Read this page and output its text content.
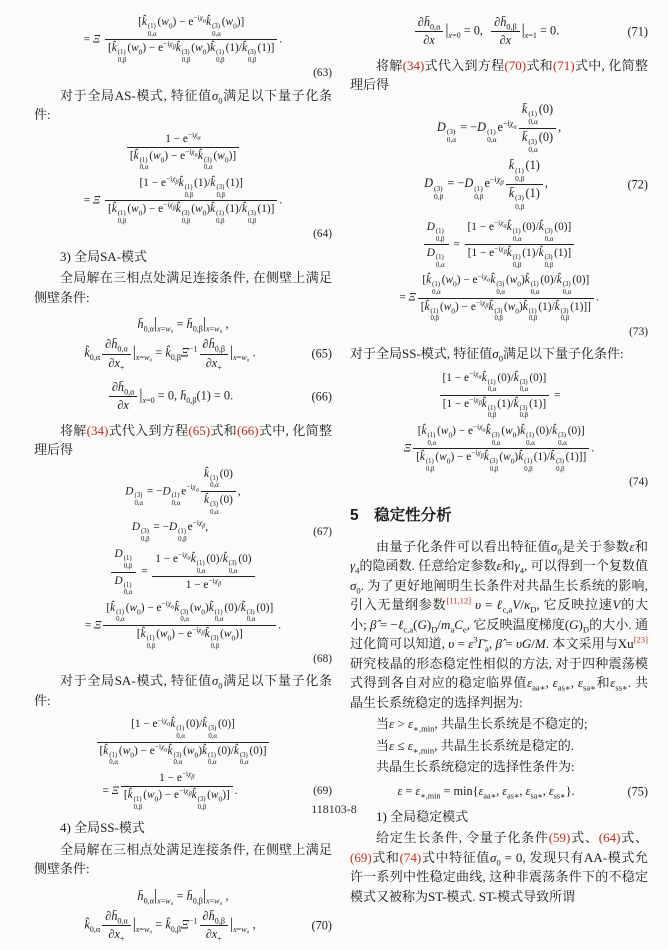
= Ξ
[k̂ (1)
0,α
$(w_0)$ − $e^{-i\chi_\alpha}k̂$ (3)
0,α
$(w_0)$]
[k̂ (1)
0,β
$(w_0)$ − $e^{-i\chi_\beta}k̂$ (3)
0,β
$(w_0)k̂$ (1)
0,β
(1)/k̂ (3)
0,β
(1)]
.
(63)
对于全局AS-模式, 特征值$\sigma_0$满足以下量子化条件:
$1 - e^{-i\chi_\alpha}$
[k̂ (1)
0,α
$(w_0)$ − $e^{-i\chi_\alpha}k̂$ (3)
0,α
$(w_0)$]
= Ξ
[$1 - e^{-i\chi_\beta}k̂$ (1)
0,β
(1)/k̂ (3)
0,β
(1)]
[k̂ (1)
0,β
$(w_0)$ − $e^{-i\chi_\beta}k̂$ (3)
0,β
$(w_0)k̂$ (1)
0,β
(1)/k̂ (3)
0,β
(1)]
.
(64)
3) 全局SA-模式
全局解在三相点处满足连接条件, 在侧壁上满足侧壁条件:
$h̄_{0,\alpha}|_{x=w_0}$ = $h̄_{0,\beta}|_{x=w_0}$ ,
$k̂_{0,\alpha} \frac{\partial h̄_{0,\alpha}}{\partial x_+} |_{x=w_0}$ = $k̂_{0,\beta}\Xi^{-1} \frac{\partial h̄_{0,\beta}}{\partial x_+} |_{x=w_0}$ .	(65)
$\frac{\partial h̄_{0,\alpha}}{\partial x} |_{x=0} = 0$, $h̄_{0,\beta}(1) = 0$.	(66)
将解(34)式代入到方程(65)式和(66)式中, 化简整理后得
D (3)
0,α
= −D (1)
0,α
$e^{-i\chi_\alpha}$ k̂ (1)
0,α
(0)
k̂ (3)
0,α
(0) ,
D (3)
0,β
= −D (1)
0,β
$e^{-i\chi_\beta}$,	(67)
D (1)
0,β
D (1)
0,α =
$1 - e^{-i\chi_\alpha}k̂$ (1)
0,α
(0)/k̂ (3)
0,α
(0)
$1 - e^{-i\chi_\beta}$
= Ξ
[k̂ (1)
0,α
$(w_0)$ − $e^{-i\chi_\alpha}k̂$ (3)
0,α
$(w_0)k̂$ (1)
0,α
(0)/k̂ (3)
0,α
(0)]
[k̂ (1)
0,β
$(w_0)$ − $e^{-i\chi_\beta}k̂$ (3)
0,β
$(w_0)$]
.
(68)
对于全局SA-模式, 特征值$\sigma_0$满足以下量子化条件:
[$1 - e^{-i\chi_\alpha}k̂$ (1)
0,α
(0)/k̂ (3)
0,α
(0)]
[k̂ (1)
0,α
$(w_0)$ − $e^{-i\chi_\alpha}k̂$ (3)
0,α
$(w_0)k̂$ (1)
0,α
(0)/k̂ (3)
0,α
(0)]
= Ξ
$1 - e^{-i\chi_\beta}$
[k̂ (1)
0,β
$(w_0)$ − $e^{-i\chi_\beta}k̂$ (3)
0,β
$(w_0)$] .	(69)
4) 全局SS-模式
全局解在三相点处满足连接条件, 在侧壁上满足侧壁条件:
$h̄_{0,\alpha}|_{x=w_0}$ = $h̄_{0,\beta}|_{x=w_0}$ ,
$k̂_{0,\alpha} \frac{\partial h̄_{0,\alpha}}{\partial x_+} |_{x=w_0}$ = $k̂_{0,\beta}\Xi^{-1} \frac{\partial h̄_{0,\beta}}{\partial x_+} |_{x=w_0}$ ,	(70)
$\frac{\partial h̄_{0,\alpha}}{\partial x} |_{x=0} = 0$, $\frac{\partial h̄_{0,\beta}}{\partial x} |_{x=1} = 0$.	(71)
将解(34)式代入到方程(70)式和(71)式中, 化简整理后得
D (3)
0,α
= −D (1)
0,α
$e^{-i\chi_\alpha}$ k̄ (1)
0,α
(0)
k̄ (3)
0,α
(0) ,
D (3)
0,β
= −D (1)
0,β
$e^{-i\chi_\beta}$ k̄ (1)
0,β
(1)
k̄ (3)
0,β
(1) ,	(72)
D (1)
0,β
D (1)
0,α =
[$1 - e^{-i\chi_\alpha}k̂$ (1)
0,α
(0)/k̂ (3)
0,α
(0)]
[$1 - e^{-i\chi_\beta}k̂$ (1)
0,β
(1)/k̂ (3)
0,β
(1)]
= Ξ
[k̂ (1)
0,α
$(w_0)$ − $e^{-i\chi_\alpha}k̂$ (3)
0,α
$(w_0)k̂$ (1)
0,α
(0)/k̂ (3)
0,α
(0)]
[k̂ (1)
0,β
$(w_0)$ − $e^{-i\chi_\beta}k̂$ (3)
0,β
$(w_0)k̂$ (1)
0,β
(1)/k̂ (3)
0,β
(1)]]
.
(73)
对于全局SS-模式, 特征值$\sigma_0$满足以下量子化条件:
[$1 - e^{-i\chi_\alpha}k̂$ (1)
0,α
(0)/k̂ (3)
0,α
(0)]
[$1 - e^{-i\chi_\beta}k̂$ (1)
0,β
(1)/k̂ (3)
0,β
(1)]
=
Ξ
[k̂ (1)
0,α
$(w_0)$ − $e^{-i\chi_\alpha}k̂$ (3)
0,α
$(w_0)k̂$ (1)
0,α
(0)/k̂ (3)
0,α
(0)]
[k̂ (1)
0,β
$(w_0)$ − $e^{-i\chi_\beta}k̂$ (3)
0,β
$(w_0)k̂$ (1)
0,β
(1)/k̂ (3)
0,β
(1)]]
.
(74)
5 稳定性分析
由量子化条件可以看出特征值$\sigma_0$是关于参数ε和$\gamma_4$的隐函数. 任意给定参数ε和$\gamma_4$, 可以得到一个复数值$\sigma_0$. 为了更好地阐明生长条件对共晶生长系统的影响, 引入无量纲参数[11,12] $\upsilon = \ell_{c,a}V/\kappa_D$, 它反映拉速V的大小; β̂ = $-\ell_{c,a}(G)_D/m_aC_e$, 它反映温度梯度$(G)_D$的大小. 通过化简可以知道, $\upsilon = \varepsilon^3\Gammā_a$, β̂ = υG/M. 本文采用与Xu[23]研究枝晶的形态稳定性相似的方法, 对于四种震荡模式得到各自对应的稳定临界值$\varepsilon_{aa∗}$, $\varepsilon_{as∗}$, $\varepsilon_{sa∗}$和$\varepsilon_{ss∗}$. 共晶生长系统稳定的选择判据为:
当$\varepsilon > \varepsilon_{∗,min}$, 共晶生长系统是不稳定的;
当$\varepsilon \le \varepsilon_{∗,min}$, 共晶生长系统是稳定的.
共晶生长系统稳定的选择性条件为:
$\varepsilon = \varepsilon_{∗,min} = \min\{\varepsilon_{aa∗}$, $\varepsilon_{as∗}$, $\varepsilon_{sa∗}$, $\varepsilon_{ss∗}$}.	(75)
1) 全局稳定模式
给定生长条件, 令量子化条件(59)式、(64)式、(69)式和(74)式中特征值$\sigma_0 = 0$, 发现只有AA-模式允许一系列中性稳定曲线, 这种非震荡条件下的不稳定模式又被称为ST-模式. ST-模式导致所谓
118103-8
